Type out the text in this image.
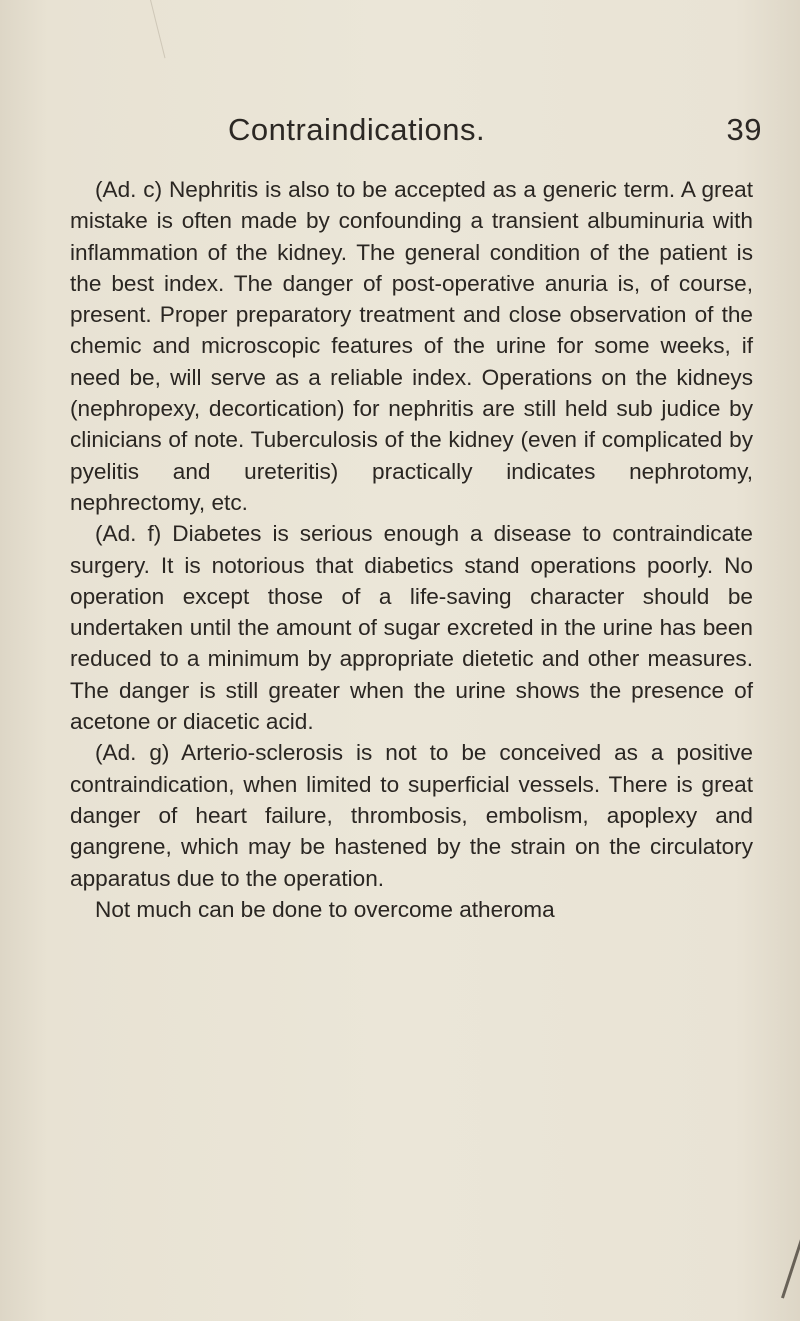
Contraindications.	39

(Ad. c) Nephritis is also to be accepted as a generic term. A great mistake is often made by confounding a transient albuminuria with inflammation of the kidney. The general condition of the patient is the best index. The danger of post-operative anuria is, of course, present. Proper preparatory treatment and close observation of the chemic and microscopic features of the urine for some weeks, if need be, will serve as a reliable index. Operations on the kidneys (nephropexy, decortication) for nephritis are still held sub judice by clinicians of note. Tuberculosis of the kidney (even if complicated by pyelitis and ureteritis) practically indicates nephrotomy, nephrectomy, etc.

(Ad. f) Diabetes is serious enough a disease to contraindicate surgery. It is notorious that diabetics stand operations poorly. No operation except those of a life-saving character should be undertaken until the amount of sugar excreted in the urine has been reduced to a minimum by appropriate dietetic and other measures. The danger is still greater when the urine shows the presence of acetone or diacetic acid.

(Ad. g) Arterio-sclerosis is not to be conceived as a positive contraindication, when limited to superficial vessels. There is great danger of heart failure, thrombosis, embolism, apoplexy and gangrene, which may be hastened by the strain on the circulatory apparatus due to the operation.

Not much can be done to overcome atheroma
